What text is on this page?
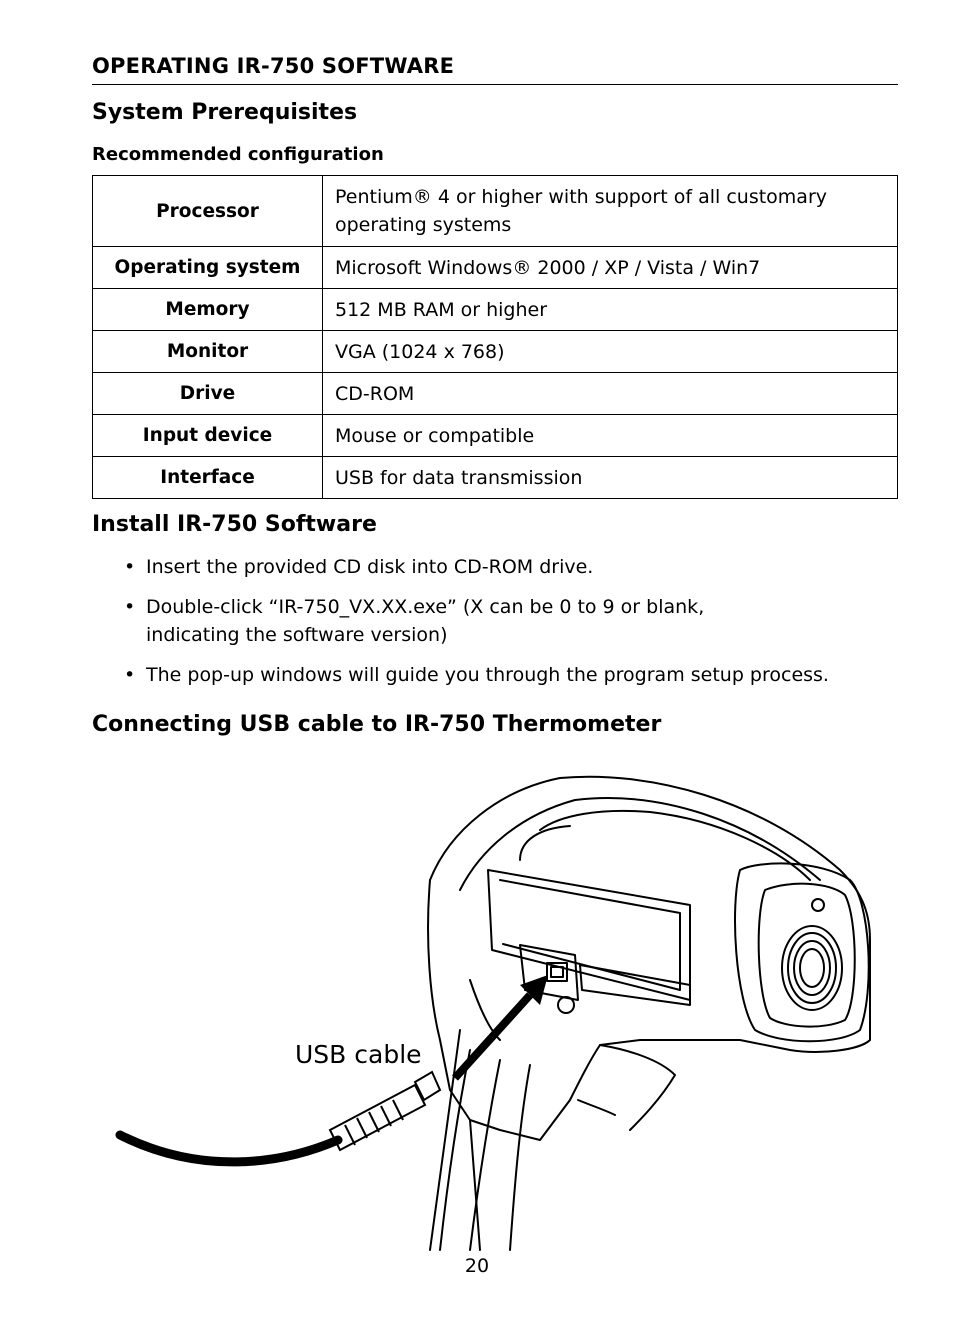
OPERATING IR-750 SOFTWARE
System Prerequisites
Recommended configuration
Processor	Pentium® 4 or higher with support of all customary operating systems
Operating system	Microsoft Windows® 2000 / XP / Vista / Win7
Memory	512 MB RAM or higher
Monitor	VGA (1024 x 768)
Drive	CD-ROM
Input device	Mouse or compatible
Interface	USB for data transmission
Install IR-750 Software
• Insert the provided CD disk into CD-ROM drive.
• Double-click “IR-750_VX.XX.exe” (X can be 0 to 9 or blank, indicating the software version)
• The pop-up windows will guide you through the program setup process.
Connecting USB cable to IR-750 Thermometer
USB cable
20
